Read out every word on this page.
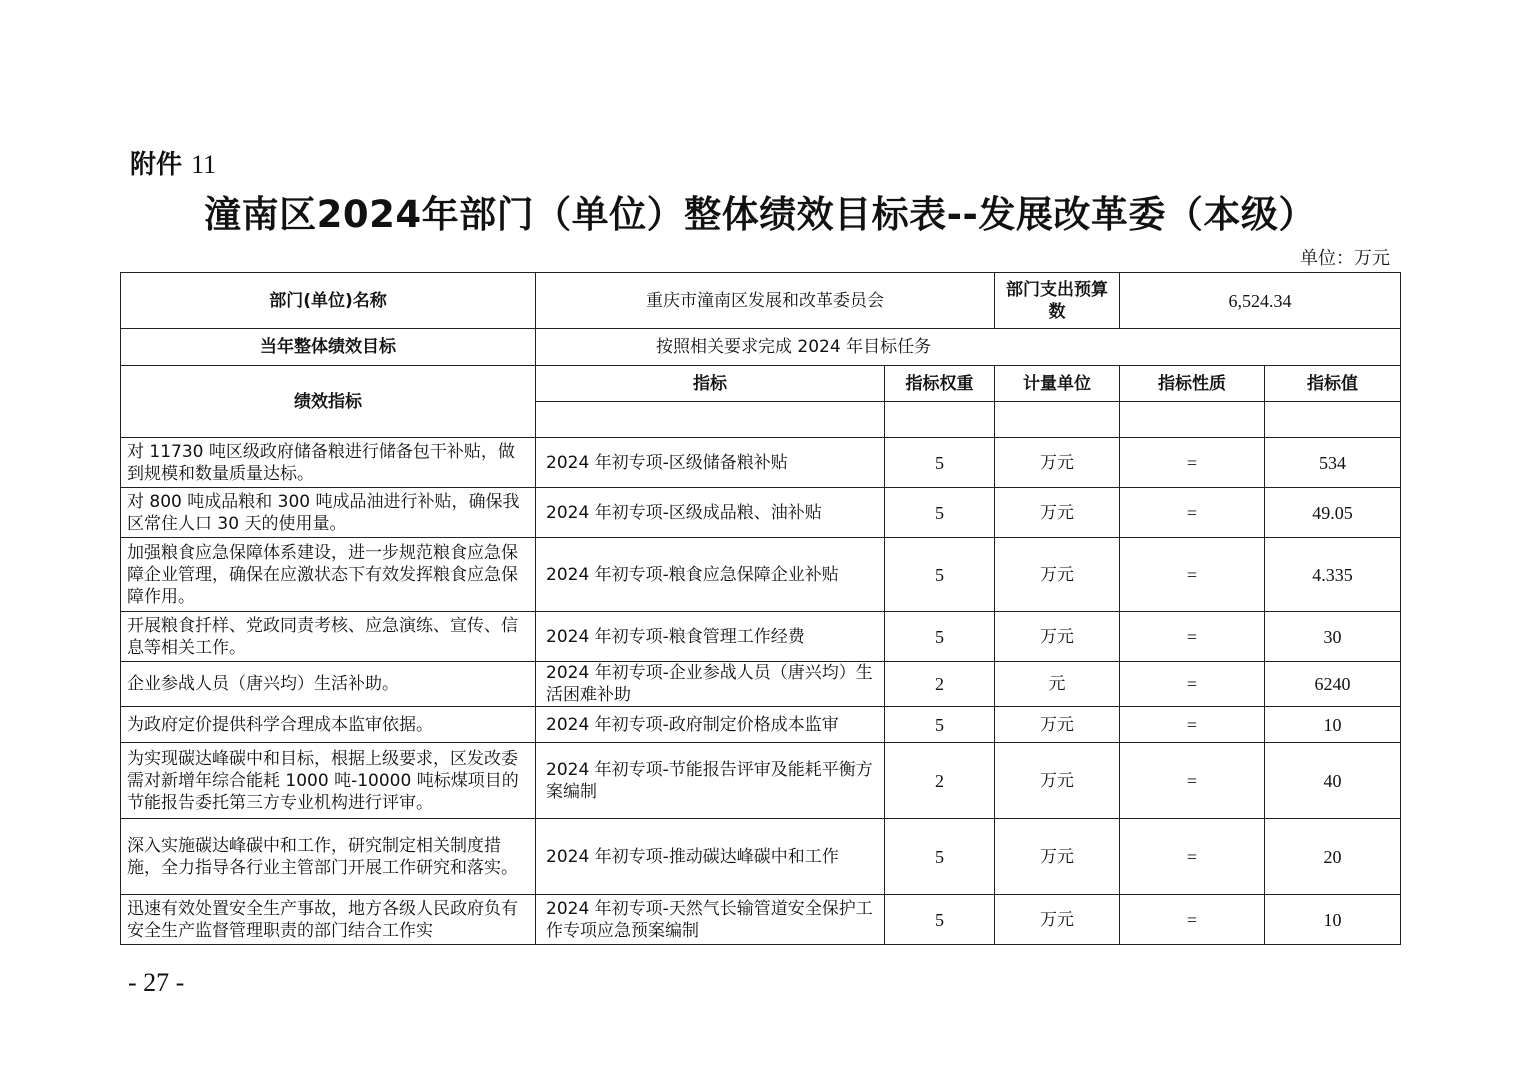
附件 11
潼南区2024年部门（单位）整体绩效目标表--发展改革委（本级）
单位：万元
部门(单位)名称	重庆市潼南区发展和改革委员会		部门支出预算数	6,524.34	
当年整体绩效目标	按照相关要求完成 2024 年目标任务				
绩效指标	指标	指标权重	计量单位	指标性质	指标值

对 11730 吨区级政府储备粮进行储备包干补贴，做到规模和数量质量达标。	2024 年初专项-区级储备粮补贴	5	万元	=	534
对 800 吨成品粮和 300 吨成品油进行补贴，确保我区常住人口 30 天的使用量。	2024 年初专项-区级成品粮、油补贴	5	万元	=	49.05
加强粮食应急保障体系建设，进一步规范粮食应急保障企业管理，确保在应激状态下有效发挥粮食应急保障作用。	2024 年初专项-粮食应急保障企业补贴	5	万元	=	4.335
开展粮食扦样、党政同责考核、应急演练、宣传、信息等相关工作。	2024 年初专项-粮食管理工作经费	5	万元	=	30
企业参战人员（唐兴均）生活补助。	2024 年初专项-企业参战人员（唐兴均）生活困难补助	2	元	=	6240
为政府定价提供科学合理成本监审依据。	2024 年初专项-政府制定价格成本监审	5	万元	=	10
为实现碳达峰碳中和目标，根据上级要求，区发改委需对新增年综合能耗 1000 吨-10000 吨标煤项目的节能报告委托第三方专业机构进行评审。	2024 年初专项-节能报告评审及能耗平衡方案编制	2	万元	=	40
深入实施碳达峰碳中和工作，研究制定相关制度措施，全力指导各行业主管部门开展工作研究和落实。	2024 年初专项-推动碳达峰碳中和工作	5	万元	=	20
迅速有效处置安全生产事故，地方各级人民政府负有安全生产监督管理职责的部门结合工作实	2024 年初专项-天然气长输管道安全保护工作专项应急预案编制	5	万元	=	10
- 27 -
